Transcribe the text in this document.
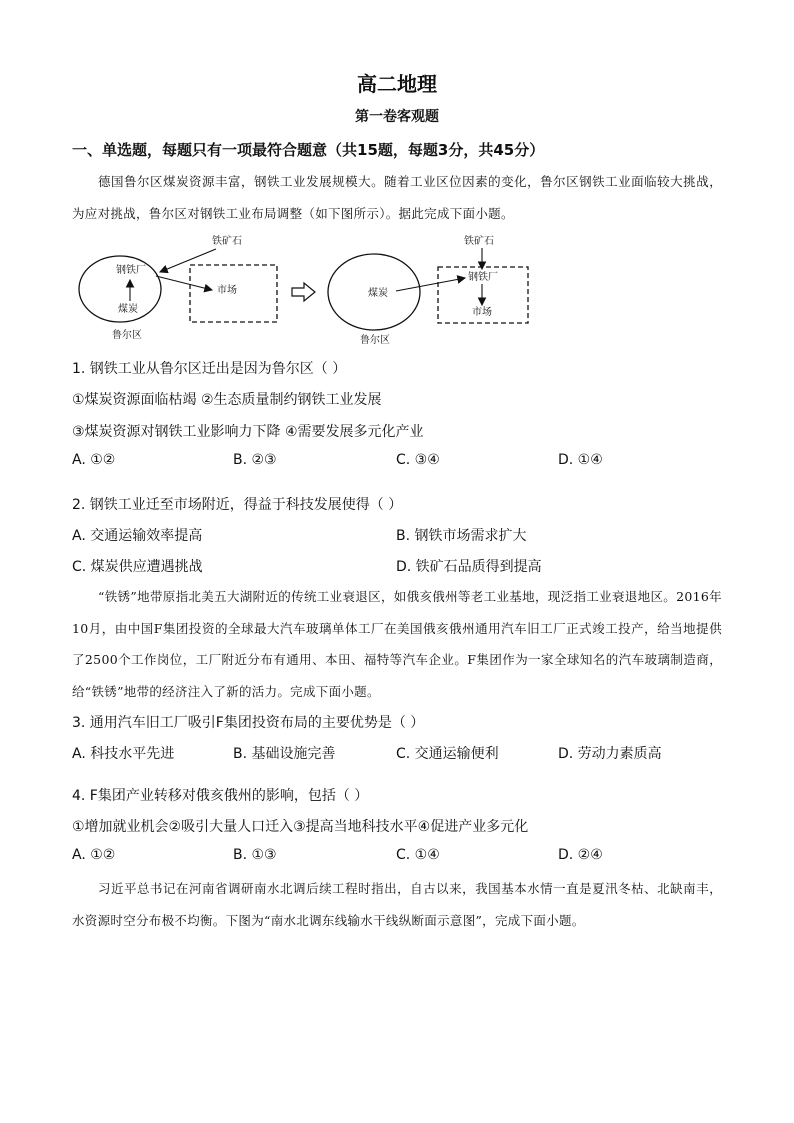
高二地理
第一卷客观题
一、单选题，每题只有一项最符合题意（共15题，每题3分，共45分）
德国鲁尔区煤炭资源丰富，钢铁工业发展规模大。随着工业区位因素的变化，鲁尔区钢铁工业面临较大挑战，为应对挑战，鲁尔区对钢铁工业布局调整（如下图所示）。据此完成下面小题。
铁矿石
钢铁厂
煤炭
鲁尔区
市场
铁矿石
钢铁厂
煤炭
鲁尔区
市场
1. 钢铁工业从鲁尔区迁出是因为鲁尔区（ ）
①煤炭资源面临枯竭 ②生态质量制约钢铁工业发展
③煤炭资源对钢铁工业影响力下降 ④需要发展多元化产业
A. ①②	B. ②③	C. ③④	D. ①④
2. 钢铁工业迁至市场附近，得益于科技发展使得（ ）
A. 交通运输效率提高	B. 钢铁市场需求扩大
C. 煤炭供应遭遇挑战	D. 铁矿石品质得到提高
“铁锈”地带原指北美五大湖附近的传统工业衰退区，如俄亥俄州等老工业基地，现泛指工业衰退地区。2016年10月，由中国F集团投资的全球最大汽车玻璃单体工厂在美国俄亥俄州通用汽车旧工厂正式竣工投产，给当地提供了2500个工作岗位，工厂附近分布有通用、本田、福特等汽车企业。F集团作为一家全球知名的汽车玻璃制造商，给“铁锈”地带的经济注入了新的活力。完成下面小题。
3. 通用汽车旧工厂吸引F集团投资布局的主要优势是（ ）
A. 科技水平先进	B. 基础设施完善	C. 交通运输便利	D. 劳动力素质高
4. F集团产业转移对俄亥俄州的影响，包括（ ）
①增加就业机会②吸引大量人口迁入③提高当地科技水平④促进产业多元化
A. ①②	B. ①③	C. ①④	D. ②④
习近平总书记在河南省调研南水北调后续工程时指出，自古以来，我国基本水情一直是夏汛冬枯、北缺南丰，水资源时空分布极不均衡。下图为“南水北调东线输水干线纵断面示意图”，完成下面小题。
